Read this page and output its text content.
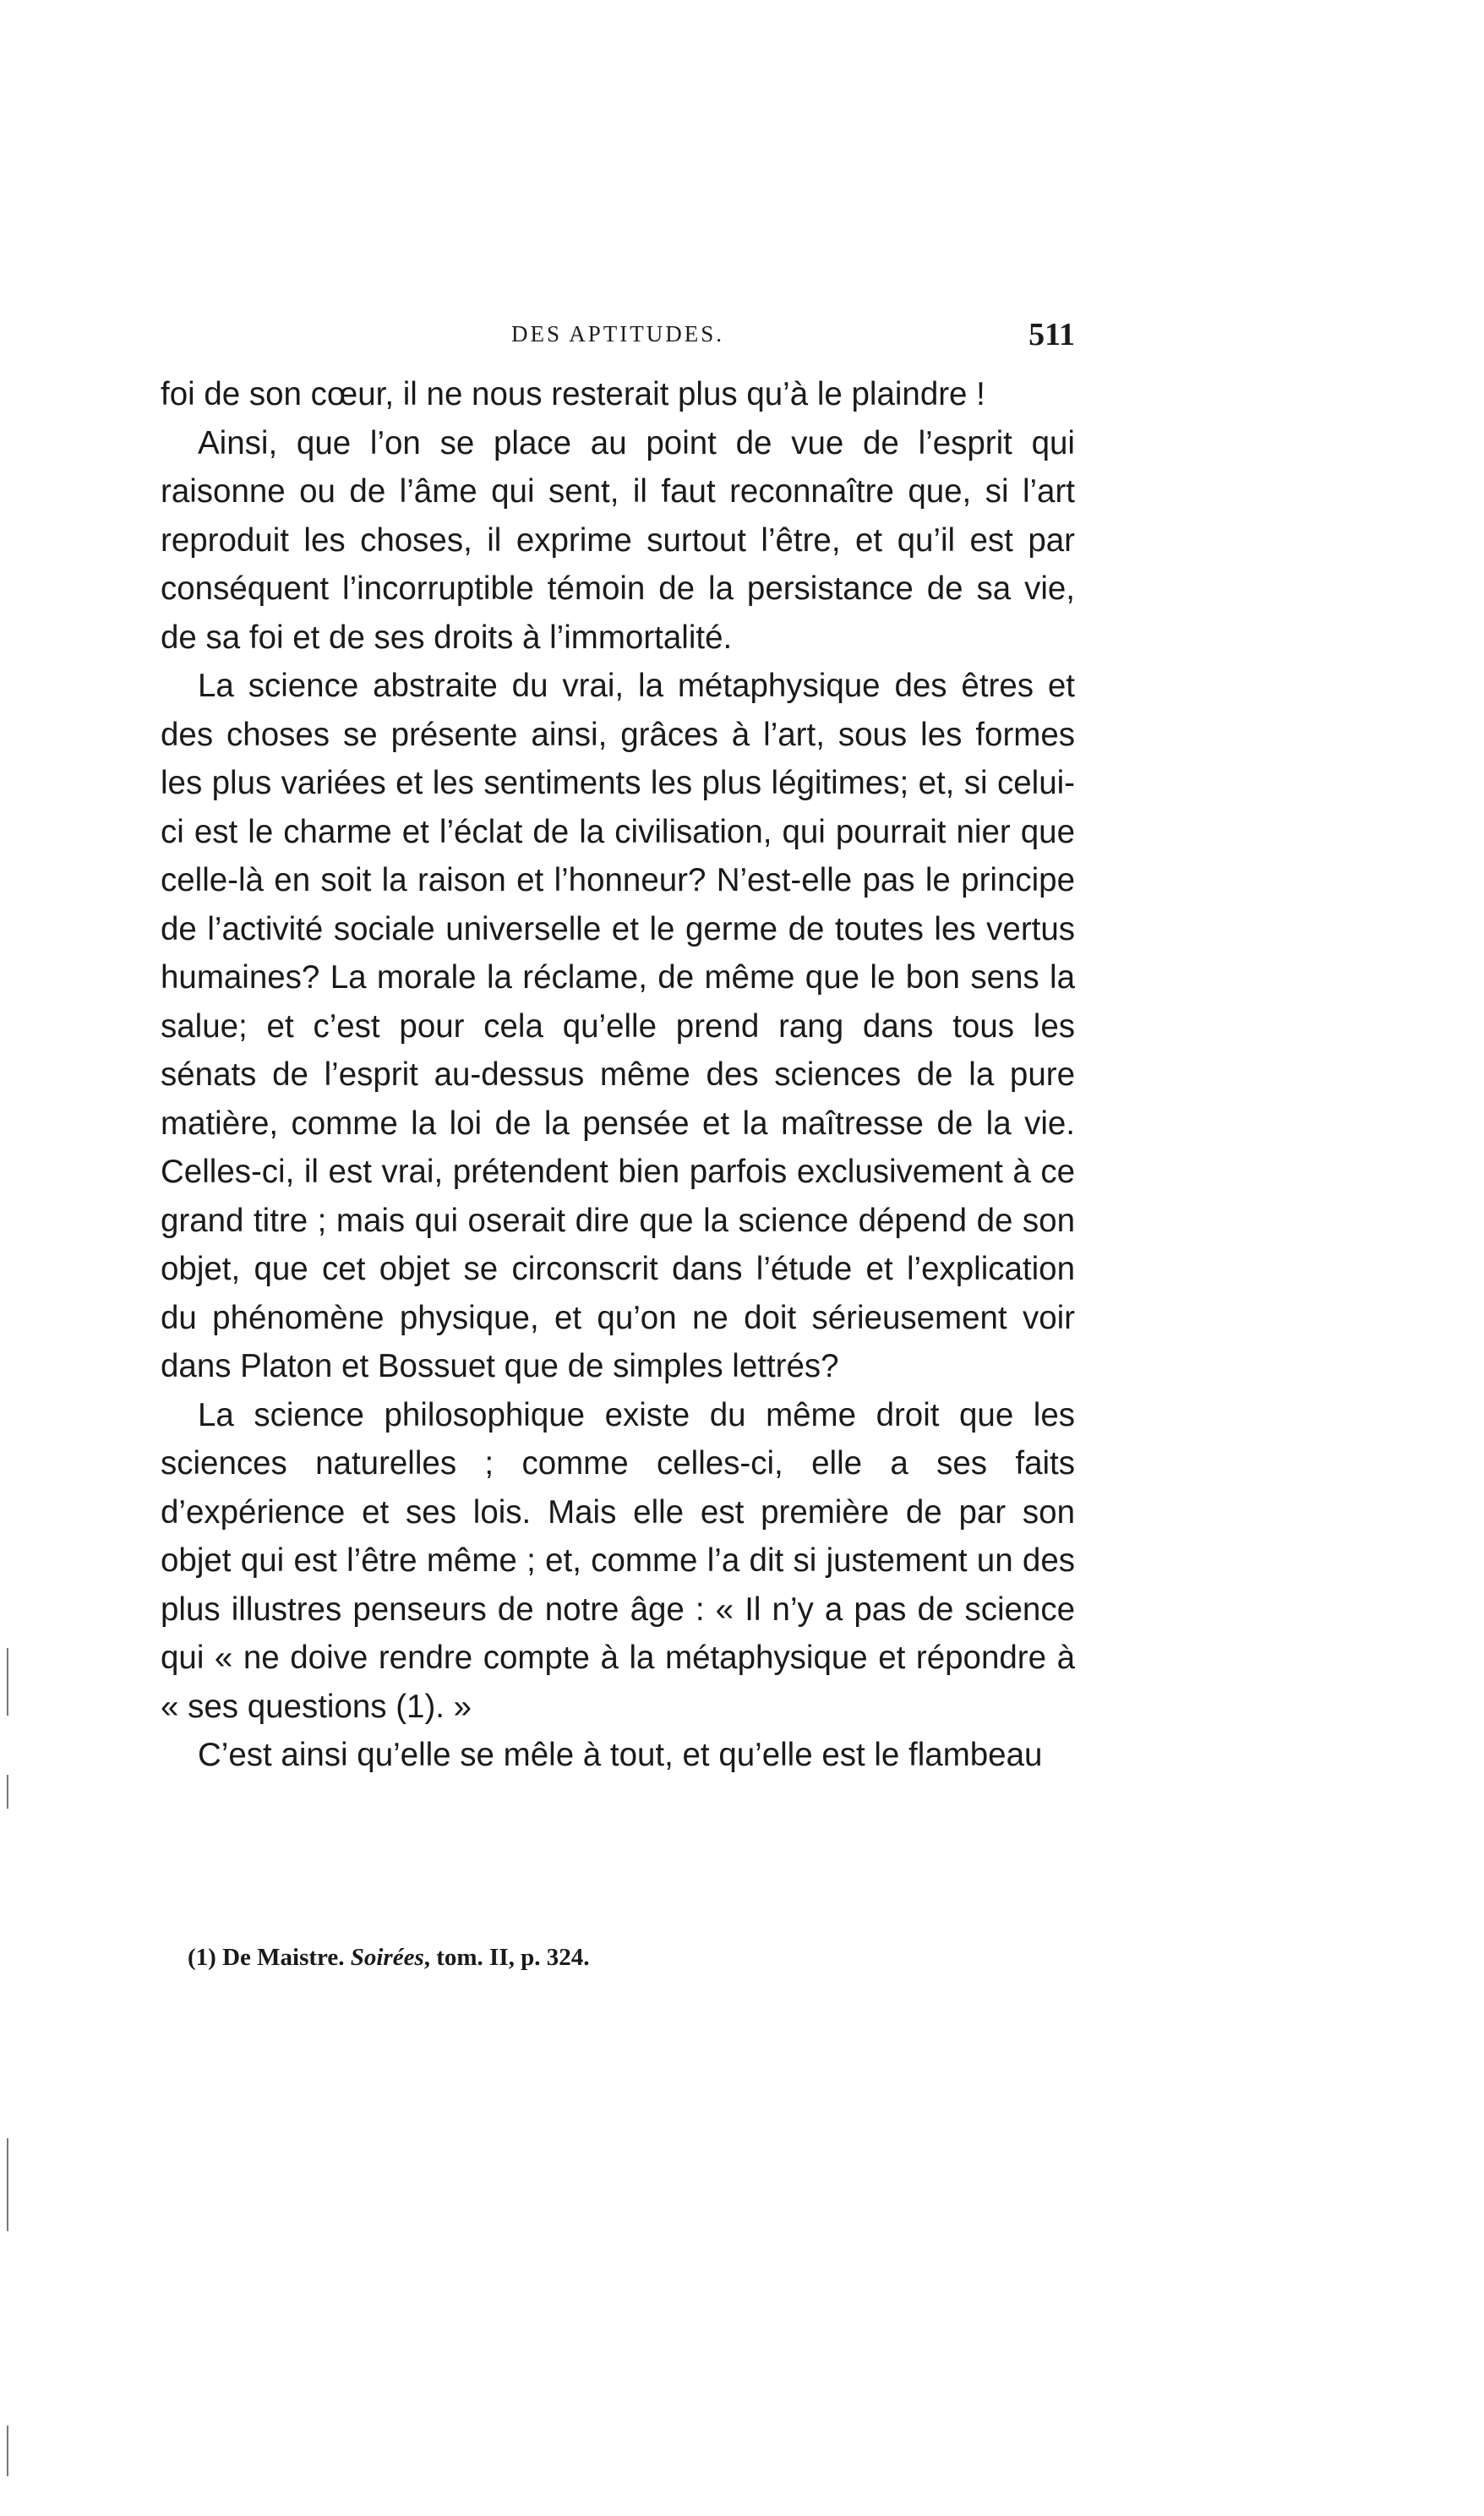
DES APTITUDES.	511

foi de son cœur, il ne nous resterait plus qu’à le plaindre !

Ainsi, que l’on se place au point de vue de l’esprit qui raisonne ou de l’âme qui sent, il faut reconnaître que, si l’art reproduit les choses, il exprime surtout l’être, et qu’il est par conséquent l’incorruptible témoin de la persistance de sa vie, de sa foi et de ses droits à l’immortalité.

La science abstraite du vrai, la métaphysique des êtres et des choses se présente ainsi, grâces à l’art, sous les formes les plus variées et les sentiments les plus légitimes; et, si celui-ci est le charme et l’éclat de la civilisation, qui pourrait nier que celle-là en soit la raison et l’honneur? N’est-elle pas le principe de l’activité sociale universelle et le germe de toutes les vertus humaines? La morale la réclame, de même que le bon sens la salue; et c’est pour cela qu’elle prend rang dans tous les sénats de l’esprit au-dessus même des sciences de la pure matière, comme la loi de la pensée et la maîtresse de la vie. Celles-ci, il est vrai, prétendent bien parfois exclusivement à ce grand titre ; mais qui oserait dire que la science dépend de son objet, que cet objet se circonscrit dans l’étude et l’explication du phénomène physique, et qu’on ne doit sérieusement voir dans Platon et Bossuet que de simples lettrés?

La science philosophique existe du même droit que les sciences naturelles ; comme celles-ci, elle a ses faits d’expérience et ses lois. Mais elle est première de par son objet qui est l’être même ; et, comme l’a dit si justement un des plus illustres penseurs de notre âge : « Il n’y a pas de science qui « ne doive rendre compte à la métaphysique et répondre à « ses questions (1). »

C’est ainsi qu’elle se mêle à tout, et qu’elle est le flambeau

(1) De Maistre. Soirées, tom. II, p. 324.
